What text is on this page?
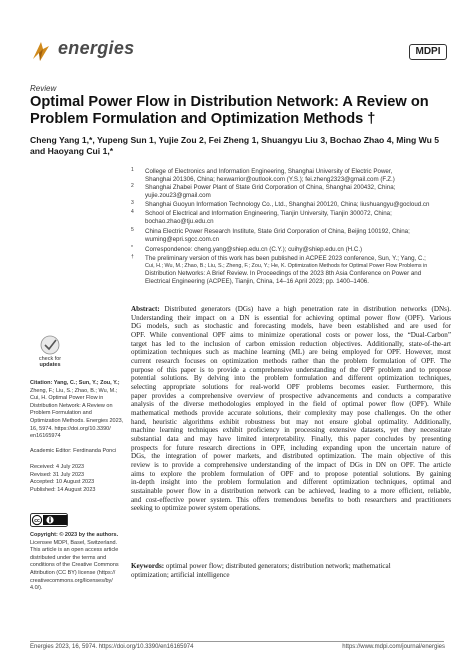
energies	MDPI
Review
Optimal Power Flow in Distribution Network: A Review on
Problem Formulation and Optimization Methods †
Cheng Yang 1,*, Yupeng Sun 1, Yujie Zou 2, Fei Zheng 1, Shuangyu Liu 3, Bochao Zhao 4, Ming Wu 5
and Haoyang Cui 1,*
1 College of Electronics and Information Engineering, Shanghai University of Electric Power,
Shanghai 201306, China; hexwarrior@outlook.com (Y.S.); fei.zheng2323@gmail.com (F.Z.)
2 Shanghai Zhabei Power Plant of State Grid Corporation of China, Shanghai 200432, China;
yujie.zou23@gmail.com
3 Shanghai Guoyun Information Technology Co., Ltd., Shanghai 200120, China; liushuangyu@gocloud.cn
4 School of Electrical and Information Engineering, Tianjin University, Tianjin 300072, China;
bochao.zhao@tju.edu.cn
5 China Electric Power Research Institute, State Grid Corporation of China, Beijing 100192, China;
wuming@epri.sgcc.com.cn
* Correspondence: cheng.yang@shiep.edu.cn (C.Y.); cuihy@shiep.edu.cn (H.C.)
† The preliminary version of this work has been published in ACPEE 2023 conference, Sun, Y.; Yang, C.;
Cui, H.; Wu, M.; Zhao, B.; Liu, S.; Zheng, F.; Zou, Y.; He, K. Optimization Methods for Optimal Power Flow Problems in
Distribution Networks: A Brief Review. In Proceedings of the 2023 8th Asia Conference on Power and
Electrical Engineering (ACPEE), Tianjin, China, 14–16 April 2023; pp. 1400–1406.
check for
updates
Citation: Yang, C.; Sun, Y.; Zou, Y.;
Zheng, F.; Liu, S.; Zhao, B.; Wu, M.;
Cui, H. Optimal Power Flow in
Distribution Network: A Review on
Problem Formulation and
Optimization Methods. Energies 2023,
16, 5974. https://doi.org/10.3390/
en16165974
Academic Editor: Ferdinanda Ponci
Received: 4 July 2023
Revised: 31 July 2023
Accepted: 10 August 2023
Published: 14 August 2023
cc
Copyright: © 2023 by the authors.
Licensee MDPI, Basel, Switzerland.
This article is an open access article
distributed under the terms and
conditions of the Creative Commons
Attribution (CC BY) license (https://
creativecommons.org/licenses/by/
4.0/).
Abstract: Distributed generators (DGs) have a high penetration rate in distribution networks (DNs).
Understanding their impact on a DN is essential for achieving optimal power flow (OPF). Various
DG models, such as stochastic and forecasting models, have been established and are used for
OPF. While conventional OPF aims to minimize operational costs or power loss, the “Dual-Carbon”
target has led to the inclusion of carbon emission reduction objectives. Additionally, state-of-the-art
optimization techniques such as machine learning (ML) are being employed for OPF. However, most
current research focuses on optimization methods rather than the problem formulation of OPF. The
purpose of this paper is to provide a comprehensive understanding of the OPF problem and to propose
potential solutions. By delving into the problem formulation and different optimization techniques,
selecting appropriate solutions for real-world OPF problems becomes easier. Furthermore, this
paper provides a comprehensive overview of prospective advancements and conducts a comparative
analysis of the diverse methodologies employed in the field of optimal power flow (OPF). While
mathematical methods provide accurate solutions, their complexity may pose challenges. On the other
hand, heuristic algorithms exhibit robustness but may not ensure global optimality. Additionally,
machine learning techniques exhibit proficiency in processing extensive datasets, yet they necessitate
substantial data and may have limited interpretability. Finally, this paper concludes by presenting
prospects for future research directions in OPF, including expanding upon the uncertain nature of
DGs, the integration of power markets, and distributed optimization. The main objective of this
review is to provide a comprehensive understanding of the impact of DGs in DN on OPF. The article
aims to explore the problem formulation of OPF and to propose potential solutions. By gaining
in-depth insight into the problem formulation and different optimization techniques, optimal and
sustainable power flow in a distribution network can be achieved, leading to a more efficient, reliable,
and cost-effective power system. This offers tremendous benefits to both researchers and practitioners
seeking to optimize power system operations.
Keywords: optimal power flow; distributed generators; distribution network; mathematical
optimization; artificial intelligence
Energies 2023, 16, 5974. https://doi.org/10.3390/en16165974	https://www.mdpi.com/journal/energies
